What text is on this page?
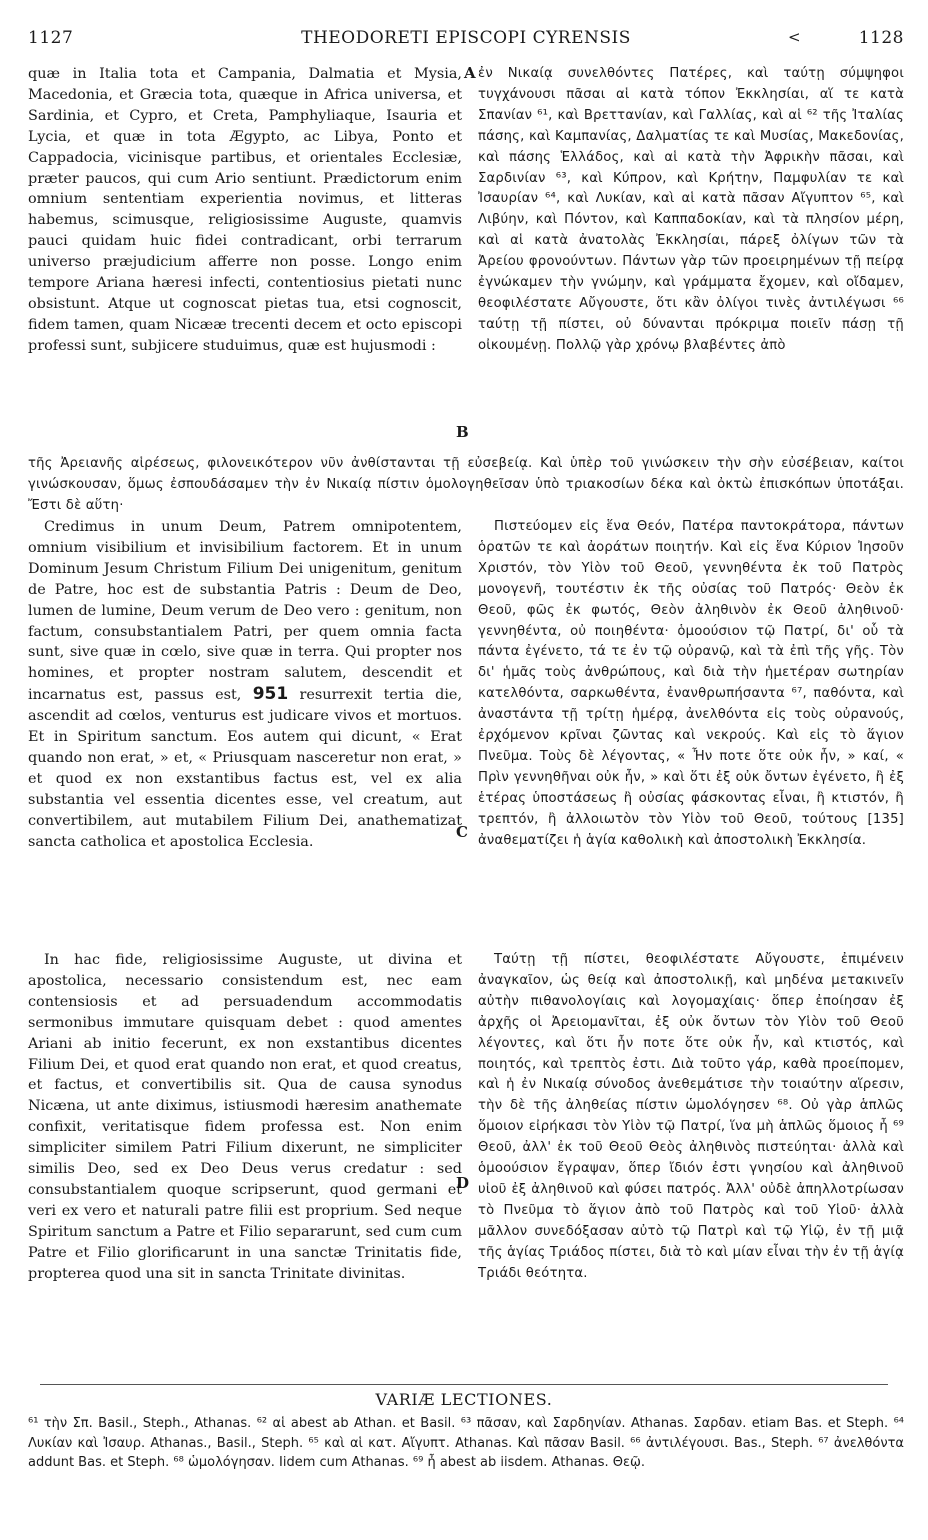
1127	THEODORETI EPISCOPI CYRENSIS	<	1128
A
B
C
D

quæ in Italia tota et Campania, Dalmatia et Mysia, Macedonia, et Græcia tota, quæque in Africa universa, et Sardinia, et Cypro, et Creta, Pamphyliaque, Isauria et Lycia, et quæ in tota Ægypto, ac Libya, Ponto et Cappadocia, vicinisque partibus, et orientales Ecclesiæ, præter paucos, qui cum Ario sentiunt. Prædictorum enim omnium sententiam experientia novimus, et litteras habemus, scimusque, religiosissime Auguste, quamvis pauci quidam huic fidei contradicant, orbi terrarum universo præjudicium afferre non posse. Longo enim tempore Ariana hæresi infecti, contentiosius pietati nunc obsistunt. Atque ut cognoscat pietas tua, etsi cognoscit, fidem tamen, quam Nicææ trecenti decem et octo episcopi professi sunt, subjicere studuimus, quæ est hujusmodi :

ἐν Νικαίᾳ συνελθόντες Πατέρες, καὶ ταύτῃ σύμψηφοι τυγχάνουσι πᾶσαι αἱ κατὰ τόπον Ἐκκλησίαι, αἵ τε κατὰ Σπανίαν ⁶¹, καὶ Βρεττανίαν, καὶ Γαλλίας, καὶ αἱ ⁶² τῆς Ἰταλίας πάσης, καὶ Καμπανίας, Δαλματίας τε καὶ Μυσίας, Μακεδονίας, καὶ πάσης Ἑλλάδος, καὶ αἱ κατὰ τὴν Ἀφρικὴν πᾶσαι, καὶ Σαρδινίαν ⁶³, καὶ Κύπρον, καὶ Κρήτην, Παμφυλίαν τε καὶ Ἰσαυρίαν ⁶⁴, καὶ Λυκίαν, καὶ αἱ κατὰ πᾶσαν Αἴγυπτον ⁶⁵, καὶ Λιβύην, καὶ Πόντον, καὶ Καππαδοκίαν, καὶ τὰ πλησίον μέρη, καὶ αἱ κατὰ ἀνατολὰς Ἐκκλησίαι, πάρεξ ὀλίγων τῶν τὰ Ἀρείου φρονούντων. Πάντων γὰρ τῶν προειρημένων τῇ πείρᾳ ἐγνώκαμεν τὴν γνώμην, καὶ γράμματα ἔχομεν, καὶ οἴδαμεν, θεοφιλέστατε Αὔγουστε, ὅτι κἂν ὀλίγοι τινὲς ἀντιλέγωσι ⁶⁶ ταύτῃ τῇ πίστει, οὐ δύνανται πρόκριμα ποιεῖν πάσῃ τῇ οἰκουμένῃ. Πολλῷ γὰρ χρόνῳ βλαβέντες ἀπὸ

τῆς Ἀρειανῆς αἱρέσεως, φιλονεικότερον νῦν ἀνθίστανται τῇ εὐσεβείᾳ. Καὶ ὑπὲρ τοῦ γινώσκειν τὴν σὴν εὐσέβειαν, καίτοι γινώσκουσαν, ὅμως ἐσπουδάσαμεν τὴν ἐν Νικαίᾳ πίστιν ὁμολογηθεῖσαν ὑπὸ τριακοσίων δέκα καὶ ὀκτὼ ἐπισκόπων ὑποτάξαι. Ἔστι δὲ αὕτη·

Credimus in unum Deum, Patrem omnipotentem, omnium visibilium et invisibilium factorem. Et in unum Dominum Jesum Christum Filium Dei unigenitum, genitum de Patre, hoc est de substantia Patris : Deum de Deo, lumen de lumine, Deum verum de Deo vero : genitum, non factum, consubstantialem Patri, per quem omnia facta sunt, sive quæ in cœlo, sive quæ in terra. Qui propter nos homines, et propter nostram salutem, descendit et incarnatus est, passus est, 951 resurrexit tertia die, ascendit ad cœlos, venturus est judicare vivos et mortuos. Et in Spiritum sanctum. Eos autem qui dicunt, « Erat quando non erat, » et, « Priusquam nasceretur non erat, » et quod ex non exstantibus factus est, vel ex alia substantia vel essentia dicentes esse, vel creatum, aut convertibilem, aut mutabilem Filium Dei, anathematizat sancta catholica et apostolica Ecclesia.

Πιστεύομεν εἰς ἕνα Θεόν, Πατέρα παντοκράτορα, πάντων ὁρατῶν τε καὶ ἀοράτων ποιητήν. Καὶ εἰς ἕνα Κύριον Ἰησοῦν Χριστόν, τὸν Υἱὸν τοῦ Θεοῦ, γεννηθέντα ἐκ τοῦ Πατρὸς μονογενῆ, τουτέστιν ἐκ τῆς οὐσίας τοῦ Πατρός· Θεὸν ἐκ Θεοῦ, φῶς ἐκ φωτός, Θεὸν ἀληθινὸν ἐκ Θεοῦ ἀληθινοῦ· γεννηθέντα, οὐ ποιηθέντα· ὁμοούσιον τῷ Πατρί, δι' οὗ τὰ πάντα ἐγένετο, τά τε ἐν τῷ οὐρανῷ, καὶ τὰ ἐπὶ τῆς γῆς. Τὸν δι' ἡμᾶς τοὺς ἀνθρώπους, καὶ διὰ τὴν ἡμετέραν σωτηρίαν κατελθόντα, σαρκωθέντα, ἐνανθρωπήσαντα ⁶⁷, παθόντα, καὶ ἀναστάντα τῇ τρίτῃ ἡμέρᾳ, ἀνελθόντα εἰς τοὺς οὐρανούς, ἐρχόμενον κρῖναι ζῶντας καὶ νεκρούς. Καὶ εἰς τὸ ἅγιον Πνεῦμα. Τοὺς δὲ λέγοντας, « Ἦν ποτε ὅτε οὐκ ἦν, » καί, « Πρὶν γεννηθῆναι οὐκ ἦν, » καὶ ὅτι ἐξ οὐκ ὄντων ἐγένετο, ἢ ἐξ ἑτέρας ὑποστάσεως ἢ οὐσίας φάσκοντας εἶναι, ἢ κτιστόν, ἢ τρεπτόν, ἢ ἀλλοιωτὸν τὸν Υἱὸν τοῦ Θεοῦ, τούτους [135] ἀναθεματίζει ἡ ἁγία καθολικὴ καὶ ἀποστολικὴ Ἐκκλησία.

In hac fide, religiosissime Auguste, ut divina et apostolica, necessario consistendum est, nec eam contensiosis et ad persuadendum accommodatis sermonibus immutare quisquam debet : quod amentes Ariani ab initio fecerunt, ex non exstantibus dicentes Filium Dei, et quod erat quando non erat, et quod creatus, et factus, et convertibilis sit. Qua de causa synodus Nicæna, ut ante diximus, istiusmodi hæresim anathemate confixit, veritatisque fidem professa est. Non enim simpliciter similem Patri Filium dixerunt, ne simpliciter similis Deo, sed ex Deo Deus verus credatur : sed consubstantialem quoque scripserunt, quod germani et veri ex vero et naturali patre filii est proprium. Sed neque Spiritum sanctum a Patre et Filio separarunt, sed cum cum Patre et Filio glorificarunt in una sanctæ Trinitatis fide, propterea quod una sit in sancta Trinitate divinitas.

Ταύτῃ τῇ πίστει, θεοφιλέστατε Αὔγουστε, ἐπιμένειν ἀναγκαῖον, ὡς θείᾳ καὶ ἀποστολικῇ, καὶ μηδένα μετακινεῖν αὐτὴν πιθανολογίαις καὶ λογομαχίαις· ὅπερ ἐποίησαν ἐξ ἀρχῆς οἱ Ἀρειομανῖται, ἐξ οὐκ ὄντων τὸν Υἱὸν τοῦ Θεοῦ λέγοντες, καὶ ὅτι ἦν ποτε ὅτε οὐκ ἦν, καὶ κτιστός, καὶ ποιητός, καὶ τρεπτὸς ἐστι. Διὰ τοῦτο γάρ, καθὰ προείπομεν, καὶ ἡ ἐν Νικαίᾳ σύνοδος ἀνεθεμάτισε τὴν τοιαύτην αἵρεσιν, τὴν δὲ τῆς ἀληθείας πίστιν ὡμολόγησεν ⁶⁸. Οὐ γὰρ ἁπλῶς ὅμοιον εἰρήκασι τὸν Υἱὸν τῷ Πατρί, ἵνα μὴ ἁπλῶς ὅμοιος ἦ ⁶⁹ Θεοῦ, ἀλλ' ἐκ τοῦ Θεοῦ Θεὸς ἀληθινὸς πιστεύηται· ἀλλὰ καὶ ὁμοούσιον ἔγραψαν, ὅπερ ἴδιόν ἐστι γνησίου καὶ ἀληθινοῦ υἱοῦ ἐξ ἀληθινοῦ καὶ φύσει πατρός. Ἀλλ' οὐδὲ ἀπηλλοτρίωσαν τὸ Πνεῦμα τὸ ἅγιον ἀπὸ τοῦ Πατρὸς καὶ τοῦ Υἱοῦ· ἀλλὰ μᾶλλον συνεδόξασαν αὐτὸ τῷ Πατρὶ καὶ τῷ Υἱῷ, ἐν τῇ μιᾷ τῆς ἁγίας Τριάδος πίστει, διὰ τὸ καὶ μίαν εἶναι τὴν ἐν τῇ ἁγίᾳ Τριάδι θεότητα.

VARIÆ LECTIONES.

⁶¹ τὴν Σπ. Basil., Steph., Athanas. ⁶² αἱ abest ab Athan. et Basil. ⁶³ πᾶσαν, καὶ Σαρδηνίαν. Athanas. Σαρδαν. etiam Bas. et Steph. ⁶⁴ Λυκίαν καὶ Ἰσαυρ. Athanas., Basil., Steph. ⁶⁵ καὶ αἱ κατ. Αἴγυπτ. Athanas. Καὶ πᾶσαν Basil. ⁶⁶ ἀντιλέγουσι. Bas., Steph. ⁶⁷ ἀνελθόντα addunt Bas. et Steph. ⁶⁸ ὡμολόγησαν. Iidem cum Athanas. ⁶⁹ ἦ abest ab iisdem. Athanas. Θεῷ.
